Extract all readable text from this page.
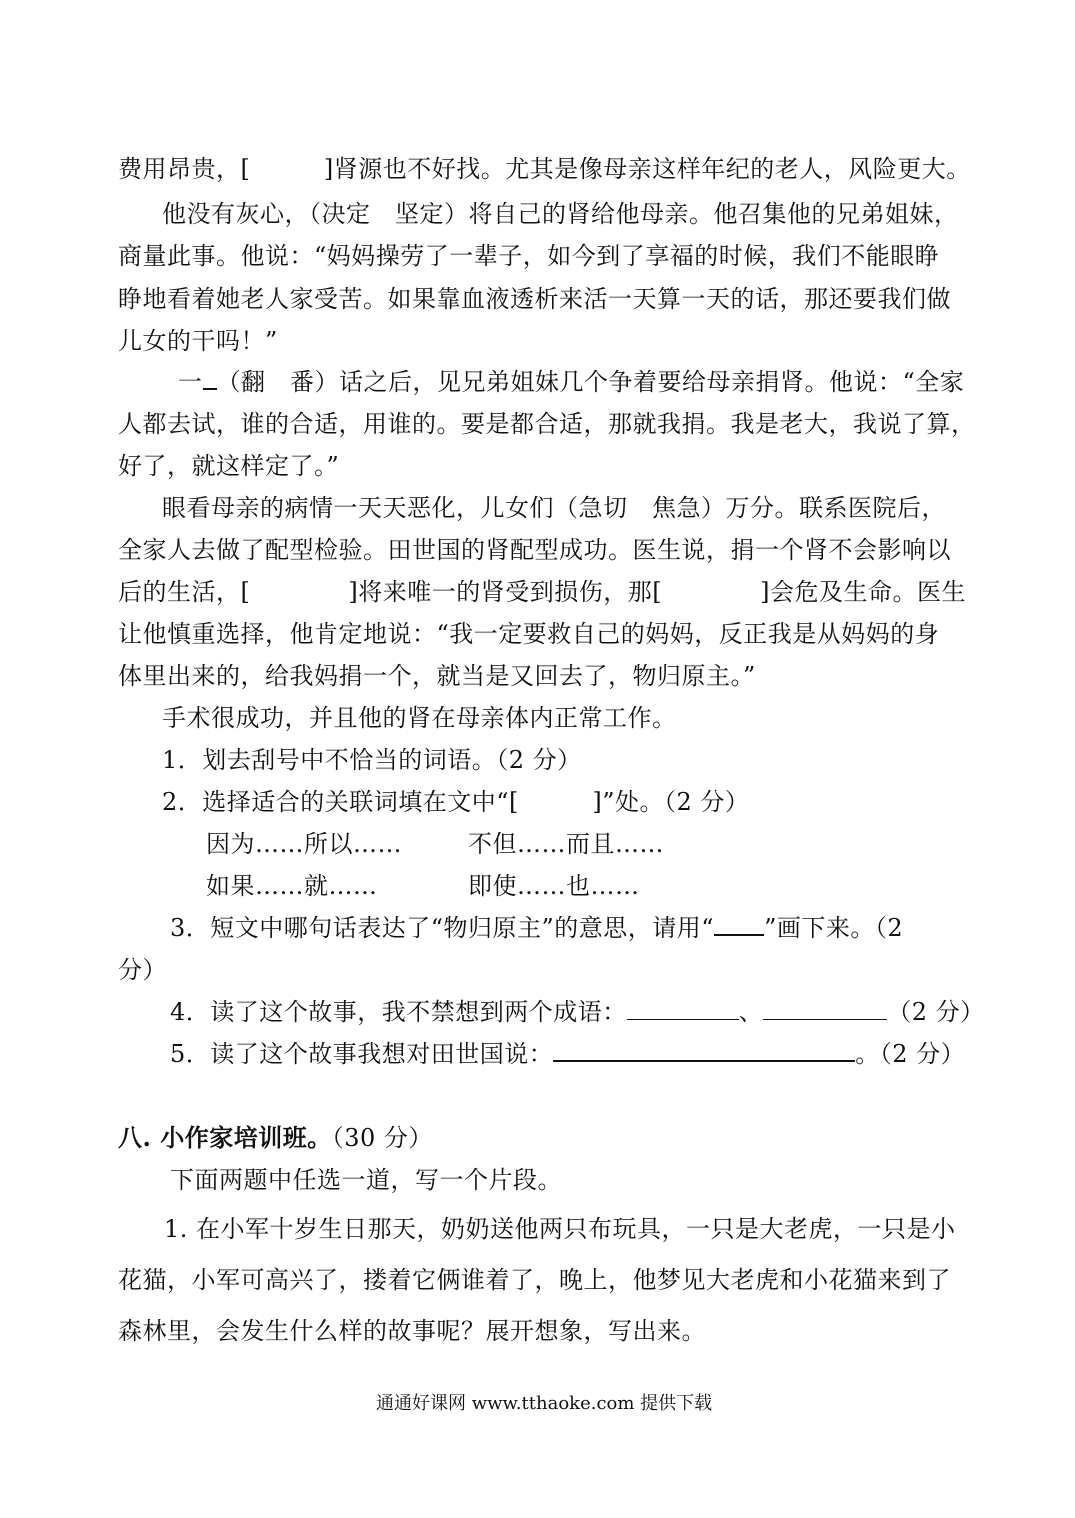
费用昂贵，[　　　]肾源也不好找。尤其是像母亲这样年纪的老人，风险更大。
他没有灰心，（决定　坚定）将自己的肾给他母亲。他召集他的兄弟姐妹，
商量此事。他说：“妈妈操劳了一辈子，如今到了享福的时候，我们不能眼睁
睁地看着她老人家受苦。如果靠血液透析来活一天算一天的话，那还要我们做
儿女的干吗！”
一 （翻　番）话之后，见兄弟姐妹几个争着要给母亲捐肾。他说：“全家
人都去试，谁的合适，用谁的。要是都合适，那就我捐。我是老大，我说了算，
好了，就这样定了。”
眼看母亲的病情一天天恶化，儿女们（急切　焦急）万分。联系医院后，
全家人去做了配型检验。田世国的肾配型成功。医生说，捐一个肾不会影响以
后的生活，[　　　　]将来唯一的肾受到损伤，那[　　　　]会危及生命。医生
让他慎重选择，他肯定地说：“我一定要救自己的妈妈，反正我是从妈妈的身
体里出来的，给我妈捐一个，就当是又回去了，物归原主。”
手术很成功，并且他的肾在母亲体内正常工作。
1．划去刮号中不恰当的词语。（2 分）
2．选择适合的关联词填在文中“[　　　]”处。（2 分）
因为……所以……	不但……而且……
如果……就……	即使……也……
3．短文中哪句话表达了“物归原主”的意思，请用“ ”画下来。（2
分）
4．读了这个故事，我不禁想到两个成语：	、	（2 分）
5．读了这个故事我想对田世国说：	。（2 分）
八. 小作家培训班。（30 分）
下面两题中任选一道，写一个片段。
1. 在小军十岁生日那天，奶奶送他两只布玩具，一只是大老虎，一只是小
花猫，小军可高兴了，搂着它俩谁着了，晚上，他梦见大老虎和小花猫来到了
森林里，会发生什么样的故事呢？展开想象，写出来。
通通好课网 www.tthaoke.com 提供下载
